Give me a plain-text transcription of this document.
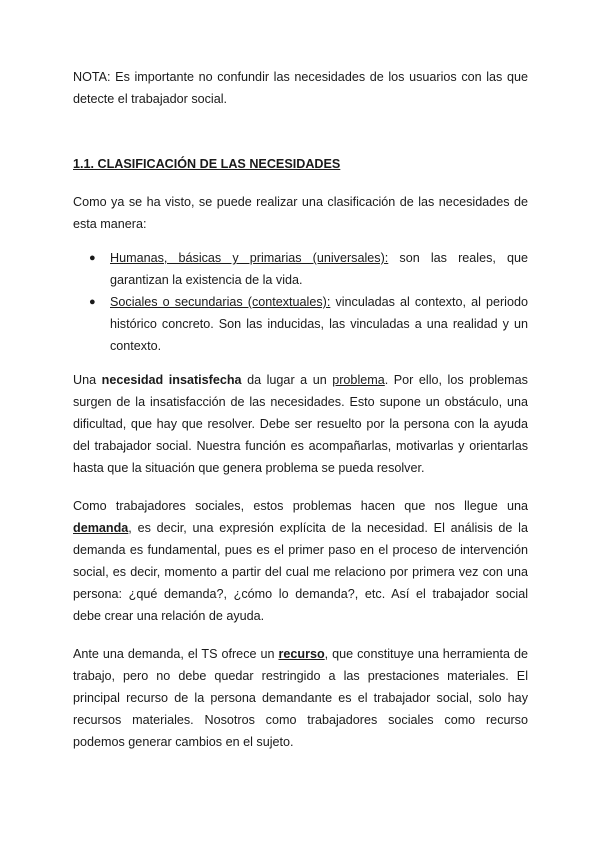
NOTA: Es importante no confundir las necesidades de los usuarios con las que detecte el trabajador social.

1.1. CLASIFICACIÓN DE LAS NECESIDADES

Como ya se ha visto, se puede realizar una clasificación de las necesidades de esta manera:

● Humanas, básicas y primarias (universales): son las reales, que garantizan la existencia de la vida.
● Sociales o secundarias (contextuales): vinculadas al contexto, al periodo histórico concreto. Son las inducidas, las vinculadas a una realidad y un contexto.

Una necesidad insatisfecha da lugar a un problema. Por ello, los problemas surgen de la insatisfacción de las necesidades. Esto supone un obstáculo, una dificultad, que hay que resolver. Debe ser resuelto por la persona con la ayuda del trabajador social. Nuestra función es acompañarlas, motivarlas y orientarlas hasta que la situación que genera problema se pueda resolver.

Como trabajadores sociales, estos problemas hacen que nos llegue una demanda, es decir, una expresión explícita de la necesidad. El análisis de la demanda es fundamental, pues es el primer paso en el proceso de intervención social, es decir, momento a partir del cual me relaciono por primera vez con una persona: ¿qué demanda?, ¿cómo lo demanda?, etc. Así el trabajador social debe crear una relación de ayuda.

Ante una demanda, el TS ofrece un recurso, que constituye una herramienta de trabajo, pero no debe quedar restringido a las prestaciones materiales. El principal recurso de la persona demandante es el trabajador social, solo hay recursos materiales. Nosotros como trabajadores sociales como recurso podemos generar cambios en el sujeto.
